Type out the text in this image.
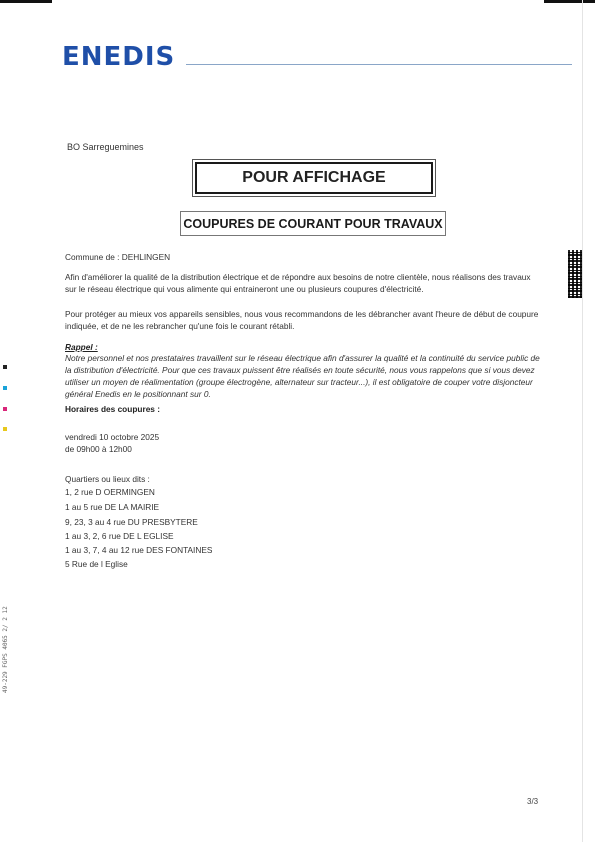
ENEDIS
BO Sarreguemines
POUR AFFICHAGE
COUPURES DE COURANT POUR TRAVAUX

Commune de : DEHLINGEN

Afin d'améliorer la qualité de la distribution électrique et de répondre aux besoins de notre clientèle, nous réalisons des travaux sur le réseau électrique qui vous alimente qui entraineront une ou plusieurs coupures d'électricité.

Pour protéger au mieux vos appareils sensibles, nous vous recommandons de les débrancher avant l'heure de début de coupure indiquée, et de ne les rebrancher qu'une fois le courant rétabli.

Rappel :

Notre personnel et nos prestataires travaillent sur le réseau électrique afin d'assurer la qualité et la continuité du service public de la distribution d'électricité. Pour que ces travaux puissent être réalisés en toute sécurité, nous vous rappelons que si vous devez utiliser un moyen de réalimentation (groupe électrogène, alternateur sur tracteur...), il est obligatoire de couper votre disjoncteur général Enedis en le positionnant sur 0.

Horaires des coupures :

vendredi 10 octobre 2025

de 09h00 à 12h00

Quartiers ou lieux dits :

1, 2 rue D OERMINGEN

1 au 5 rue DE LA MAIRIE

9, 23, 3 au 4 rue DU PRESBYTERE

1 au 3, 2, 6 rue DE L EGLISE

1 au 3, 7, 4 au 12 rue DES FONTAINES

5 Rue de l Eglise

49-229 FGPS 4065 2/ 2 12
3/3
